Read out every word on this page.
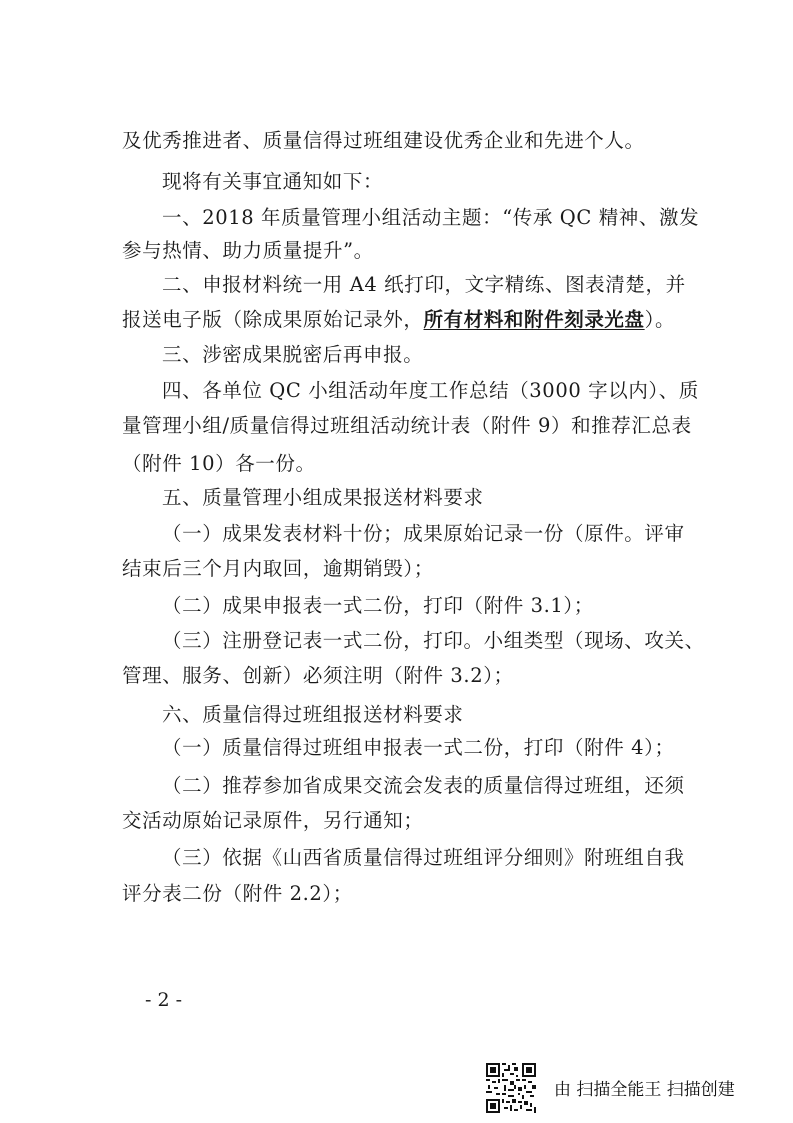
及优秀推进者、质量信得过班组建设优秀企业和先进个人。
现将有关事宜通知如下：
一、2018 年质量管理小组活动主题：“传承 QC 精神、激发
参与热情、助力质量提升”。
二、申报材料统一用 A4 纸打印，文字精练、图表清楚，并
报送电子版（除成果原始记录外，所有材料和附件刻录光盘）。
三、涉密成果脱密后再申报。
四、各单位 QC 小组活动年度工作总结（3000 字以内）、质
量管理小组/质量信得过班组活动统计表（附件 9）和推荐汇总表
（附件 10）各一份。
五、质量管理小组成果报送材料要求
（一）成果发表材料十份；成果原始记录一份（原件。评审
结束后三个月内取回，逾期销毁）；
（二）成果申报表一式二份，打印（附件 3.1）；
（三）注册登记表一式二份，打印。小组类型（现场、攻关、
管理、服务、创新）必须注明（附件 3.2）；
六、质量信得过班组报送材料要求
（一）质量信得过班组申报表一式二份，打印（附件 4）；
（二）推荐参加省成果交流会发表的质量信得过班组，还须
交活动原始记录原件，另行通知；
（三）依据《山西省质量信得过班组评分细则》附班组自我
评分表二份（附件 2.2）；
- 2 -
由 扫描全能王 扫描创建
